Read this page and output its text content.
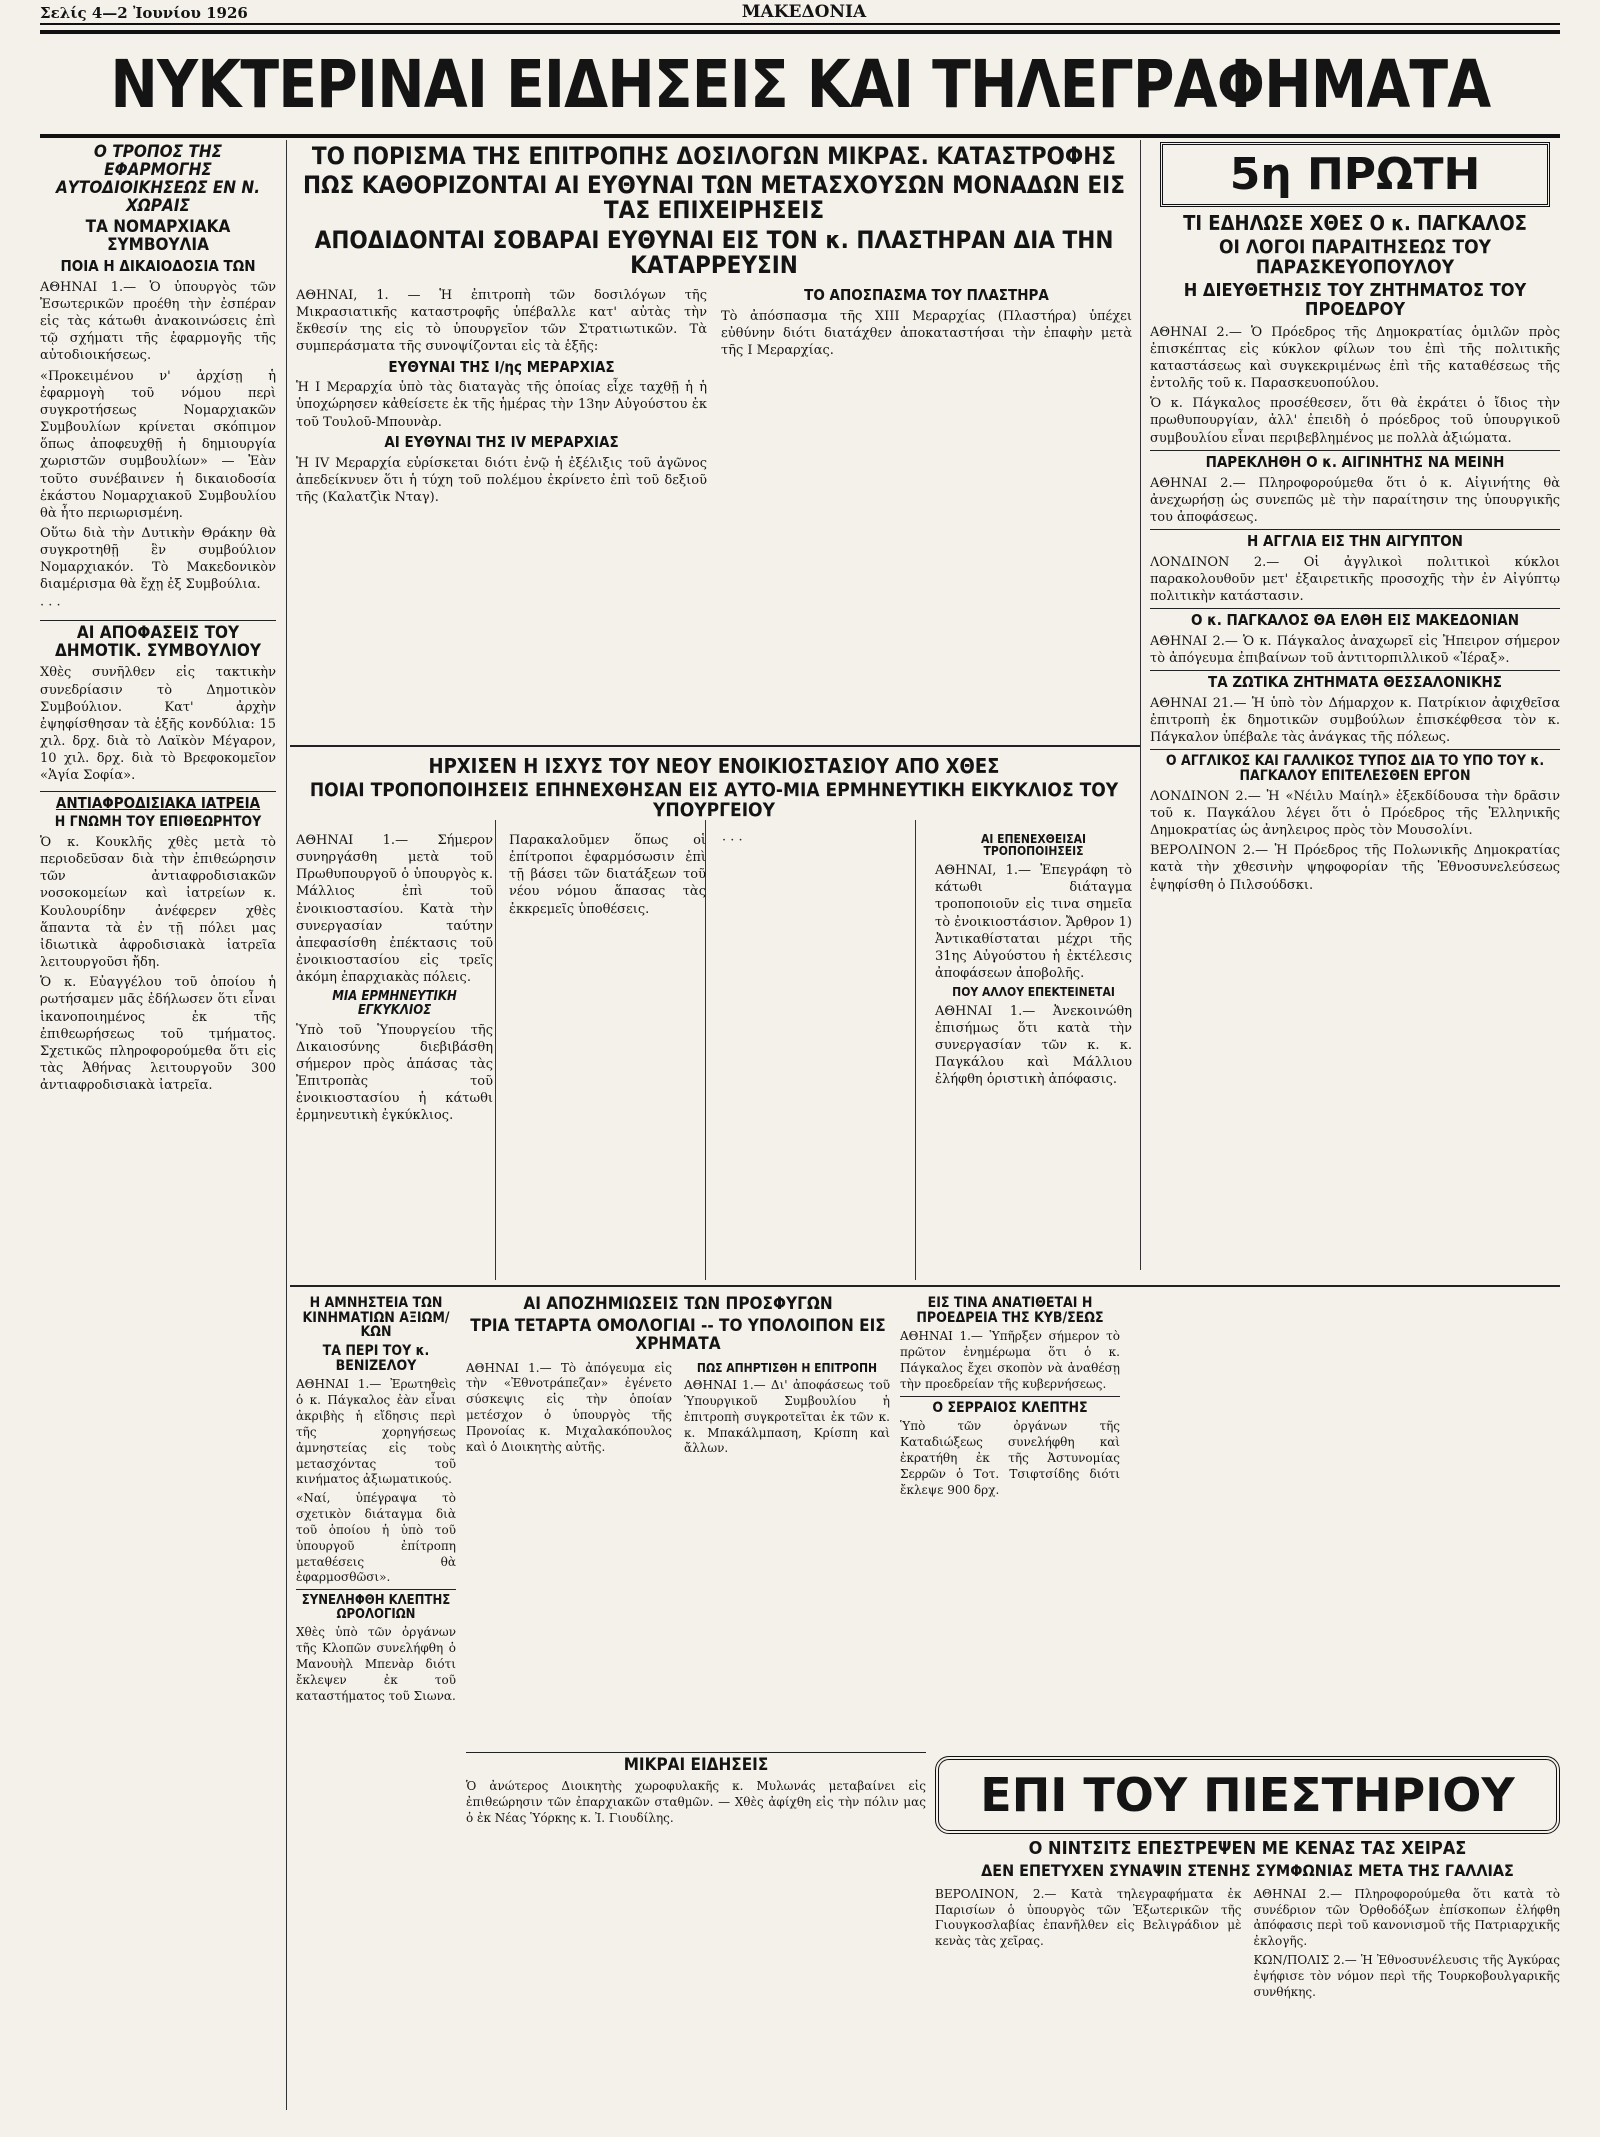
Σελίς 4—2 Ἰουνίου 1926	ΜΑΚΕΔΟΝΙΑ
ΝΥΚΤΕΡΙΝΑΙ ΕΙΔΗΣΕΙΣ ΚΑΙ ΤΗΛΕΓΡΑΦΗΜΑΤΑ
Ο ΤΡΟΠΟΣ ΤΗΣ ΕΦΑΡΜΟΓΗΣ ΑΥΤΟΔΙΟΙΚΗΣΕΩΣ ΕΝ Ν. ΧΩΡΑΙΣ
ΤΑ ΝΟΜΑΡΧΙΑΚΑ ΣΥΜΒΟΥΛΙΑ
ΠΟΙΑ Η ΔΙΚΑΙΟΔΟΣΙΑ ΤΩΝ

ΑΘΗΝΑΙ 1.— Ὁ ὑπουργὸς τῶν Ἐσωτερικῶν προέθη τὴν ἐσπέραν εἰς τὰς κάτωθι ἀνακοινώσεις ἐπὶ τῷ σχήματι τῆς ἐφαρμογῆς τῆς αὐτοδιοικήσεως.

«Προκειμένου ν' ἀρχίσῃ ἡ ἐφαρμογὴ τοῦ νόμου περὶ συγκροτήσεως Νομαρχιακῶν Συμβουλίων κρίνεται σκόπιμον ὅπως ἀποφευχθῇ ἡ δημιουργία χωριστῶν συμβουλίων» — Ἐὰν τοῦτο συνέβαινεν ἡ δικαιοδοσία ἑκάστου Νομαρχιακοῦ Συμβουλίου θὰ ἦτο περιωρισμένη.

Οὕτω διὰ τὴν Δυτικὴν Θράκην θὰ συγκροτηθῇ ἓν συμβούλιον Νομαρχιακόν. Τὸ Μακεδονικὸν διαμέρισμα θὰ ἔχῃ ἐξ Συμβούλια.

· · ·

ΑΙ ΑΠΟΦΑΣΕΙΣ ΤΟΥ ΔΗΜΟΤΙΚ. ΣΥΜΒΟΥΛΙΟΥ

Χθὲς συνῆλθεν εἰς τακτικὴν συνεδρίασιν τὸ Δημοτικὸν Συμβούλιον. Κατ' ἀρχὴν ἐψηφίσθησαν τὰ ἑξῆς κονδύλια: 15 χιλ. δρχ. διὰ τὸ Λαϊκὸν Μέγαρον, 10 χιλ. δρχ. διὰ τὸ Βρεφοκομεῖον «Ἁγία Σοφία».

ΑΝΤΙΑΦΡΟΔΙΣΙΑΚΑ ΙΑΤΡΕΙΑ
Η ΓΝΩΜΗ ΤΟΥ ΕΠΙΘΕΩΡΗΤΟΥ

Ὁ κ. Κουκλῆς χθὲς μετὰ τὸ περιοδεῦσαν διὰ τὴν ἐπιθεώρησιν τῶν ἀντιαφροδισιακῶν νοσοκομείων καὶ ἰατρείων κ. Κουλουρίδην ἀνέφερεν χθὲς ἅπαντα τὰ ἐν τῇ πόλει μας ἰδιωτικὰ ἀφροδισιακὰ ἰατρεῖα λειτουργοῦσι ἤδη.

Ὁ κ. Εὐαγγέλου τοῦ ὁποίου ἡ ρωτήσαμεν μᾶς ἐδήλωσεν ὅτι εἶναι ἱκανοποιημένος ἐκ τῆς ἐπιθεωρήσεως τοῦ τμήματος. Σχετικῶς πληροφορούμεθα ὅτι εἰς τὰς Ἀθήνας λειτουργοῦν 300 ἀντιαφροδισιακὰ ἰατρεῖα.

ΤΟ ΠΟΡΙΣΜΑ ΤΗΣ ΕΠΙΤΡΟΠΗΣ ΔΟΣΙΛΟΓΩΝ ΜΙΚΡΑΣ. ΚΑΤΑΣΤΡΟΦΗΣ
ΠΩΣ ΚΑΘΟΡΙΖΟΝΤΑΙ ΑΙ ΕΥΘΥΝΑΙ ΤΩΝ ΜΕΤΑΣΧΟΥΣΩΝ ΜΟΝΑΔΩΝ ΕΙΣ ΤΑΣ ΕΠΙΧΕΙΡΗΣΕΙΣ
ΑΠΟΔΙΔΟΝΤΑΙ ΣΟΒΑΡΑΙ ΕΥΘΥΝΑΙ ΕΙΣ ΤΟΝ κ. ΠΛΑΣΤΗΡΑΝ ΔΙΑ ΤΗΝ ΚΑΤΑΡΡΕΥΣΙΝ

ΑΘΗΝΑΙ, 1. — Ἡ ἐπιτροπὴ τῶν δοσιλόγων τῆς Μικρασιατικῆς καταστροφῆς ὑπέβαλλε κατ' αὐτὰς τὴν ἔκθεσίν της εἰς τὸ ὑπουργεῖον τῶν Στρατιωτικῶν. Τὰ συμπεράσματα τῆς συνοψίζονται εἰς τὰ ἑξῆς:

ΕΥΘΥΝΑΙ ΤΗΣ Ι/ης ΜΕΡΑΡΧΙΑΣ

Ἡ Ι Μεραρχία ὑπὸ τὰς διαταγὰς τῆς ὁποίας εἶχε ταχθῇ ἡ ἡ ὑποχώρησεν κἀθείσετε ἐκ τῆς ἡμέρας τὴν 13ην Αὐγούστου ἐκ τοῦ Τουλοῦ-Μπουνὰρ.

ΑΙ ΕΥΘΥΝΑΙ ΤΗΣ ΙV ΜΕΡΑΡΧΙΑΣ

Ἡ ΙV Μεραρχία εὑρίσκεται διότι ἐνῷ ἡ ἐξέλιξις τοῦ ἀγῶνος ἀπεδείκνυεν ὅτι ἡ τύχη τοῦ πολέμου ἐκρίνετο ἐπὶ τοῦ δεξιοῦ τῆς (Καλατζὶκ Νταγ).

ΤΟ ΑΠΟΣΠΑΣΜΑ ΤΟΥ ΠΛΑΣΤΗΡΑ

Τὸ ἀπόσπασμα τῆς ΧΙΙΙ Μεραρχίας (Πλαστήρα) ὑπέχει εὐθύνην διότι διατάχθεν ἀποκαταστήσαι τὴν ἐπαφὴν μετὰ τῆς Ι Μεραρχίας.

5η ΠΡΩΤΗ
ΤΙ ΕΔΗΛΩΣΕ ΧΘΕΣ Ο κ. ΠΑΓΚΑΛΟΣ
ΟΙ ΛΟΓΟΙ ΠΑΡΑΙΤΗΣΕΩΣ ΤΟΥ ΠΑΡΑΣΚΕΥΟΠΟΥΛΟΥ
Η ΔΙΕΥΘΕΤΗΣΙΣ ΤΟΥ ΖΗΤΗΜΑΤΟΣ ΤΟΥ ΠΡΟΕΔΡΟΥ

ΑΘΗΝΑΙ 2.— Ὁ Πρόεδρος τῆς Δημοκρατίας ὁμιλῶν πρὸς ἐπισκέπτας εἰς κύκλον φίλων του ἐπὶ τῆς πολιτικῆς καταστάσεως καὶ συγκεκριμένως ἐπὶ τῆς καταθέσεως τῆς ἐντολῆς τοῦ κ. Παρασκευοπούλου.

Ὁ κ. Πάγκαλος προσέθεσεν, ὅτι θὰ ἐκράτει ὁ ἴδιος τὴν πρωθυπουργίαν, ἀλλ' ἐπειδὴ ὁ πρόεδρος τοῦ ὑπουργικοῦ συμβουλίου εἶναι περιβεβλημένος με πολλὰ ἀξιώματα.

ΠΑΡΕΚΛΗΘΗ Ο κ. ΑΙΓΙΝΗΤΗΣ ΝΑ ΜΕΙΝΗ

ΑΘΗΝΑΙ 2.— Πληροφορούμεθα ὅτι ὁ κ. Αἰγινήτης θὰ ἀνεχωρήσῃ ὡς συνεπῶς μὲ τὴν παραίτησιν της ὑπουργικῆς του ἀποφάσεως.

Η ΑΓΓΛΙΑ ΕΙΣ ΤΗΝ ΑΙΓΥΠΤΟΝ

ΛΟΝΔΙΝΟΝ 2.— Οἱ ἀγγλικοὶ πολιτικοὶ κύκλοι παρακολουθοῦν μετ' ἐξαιρετικῆς προσοχῆς τὴν ἐν Αἰγύπτῳ πολιτικὴν κατάστασιν.

Ο κ. ΠΑΓΚΑΛΟΣ ΘΑ ΕΛΘΗ ΕΙΣ ΜΑΚΕΔΟΝΙΑΝ

ΑΘΗΝΑΙ 2.— Ὁ κ. Πάγκαλος ἀναχωρεῖ εἰς Ἠπειρον σήμερον τὸ ἀπόγευμα ἐπιβαίνων τοῦ ἀντιτορπιλλικοῦ «Ἱέραξ».

ΤΑ ΖΩΤΙΚΑ ΖΗΤΗΜΑΤΑ ΘΕΣΣΑΛΟΝΙΚΗΣ

ΑΘΗΝΑΙ 21.— Ἡ ὑπὸ τὸν Δήμαρχον κ. Πατρίκιον ἀφιχθεῖσα ἐπιτροπὴ ἐκ δημοτικῶν συμβούλων ἐπισκέφθεσα τὸν κ. Πάγκαλον ὑπέβαλε τὰς ἀνάγκας τῆς πόλεως.

Ο ΑΓΓΛΙΚΟΣ ΚΑΙ ΓΑΛΛΙΚΟΣ ΤΥΠΟΣ ΔΙΑ ΤΟ ΥΠΟ ΤΟΥ κ. ΠΑΓΚΑΛΟΥ ΕΠΙΤΕΛΕΣΘΕΝ ΕΡΓΟΝ

ΛΟΝΔΙΝΟΝ 2.— Ἡ «Νέιλυ Μαίηλ» ἐξεκδίδουσα τὴν δρᾶσιν τοῦ κ. Παγκάλου λέγει ὅτι ὁ Πρόεδρος τῆς Ἑλληνικῆς Δημοκρατίας ὡς ἀνηλειρος πρὸς τὸν Μουσολίνι.

ΒΕΡΟΛΙΝΟΝ 2.— Ἡ Πρόεδρος τῆς Πολωνικῆς Δημοκρατίας κατὰ τὴν χθεσινὴν ψηφοφορίαν τῆς Ἐθνοσυνελεύσεως ἐψηφίσθη ὁ Πιλσούδσκι.

ΗΡΧΙΣΕΝ Η ΙΣΧΥΣ ΤΟΥ ΝΕΟΥ ΕΝΟΙΚΙΟΣΤΑΣΙΟΥ ΑΠΟ ΧΘΕΣ
ΠΟΙΑΙ ΤΡΟΠΟΠΟΙΗΣΕΙΣ ΕΠΗΝΕΧΘΗΣΑΝ ΕΙΣ ΑΥΤΟ-ΜΙΑ ΕΡΜΗΝΕΥΤΙΚΗ ΕΙΚΥΚΛΙΟΣ ΤΟΥ ΥΠΟΥΡΓΕΙΟΥ

ΑΘΗΝΑΙ 1.— Σήμερον συνηργάσθη μετὰ τοῦ Πρωθυπουργοῦ ὁ ὑπουργὸς κ. Μάλλιος ἐπὶ τοῦ ἐνοικιοστασίου. Κατὰ τὴν συνεργασίαν ταύτην ἀπεφασίσθη ἐπέκτασις τοῦ ἐνοικιοστασίου εἰς τρεῖς ἀκόμη ἐπαρχιακὰς πόλεις.

ΜΙΑ ΕΡΜΗΝΕΥΤΙΚΗ ΕΓΚΥΚΛΙΟΣ

Ὑπὸ τοῦ Ὑπουργείου τῆς Δικαιοσύνης διεβιβάσθη σήμερον πρὸς ἁπάσας τὰς Ἐπιτροπὰς τοῦ ἐνοικιοστασίου ἡ κάτωθι ἐρμηνευτικὴ ἐγκύκλιος.

Παρακαλοῦμεν ὅπως οἱ ἐπίτροποι ἐφαρμόσωσιν ἐπὶ τῇ βάσει τῶν διατάξεων τοῦ νέου νόμου ἅπασας τὰς ἐκκρεμεῖς ὑποθέσεις.

· · ·	ΑΙ ΕΠΕΝΕΧΘΕΙΣΑΙ ΤΡΟΠΟΠΟΙΗΣΕΙΣ

ΑΘΗΝΑΙ, 1.— Ἐπεγράφη τὸ κάτωθι διάταγμα τροποποιοῦν εἰς τινα σημεῖα τὸ ἐνοικιοστάσιον. Ἄρθρον 1) Ἀντικαθίσταται μέχρι τῆς 31ης Αὐγούστου ἡ ἐκτέλεσις ἀποφάσεων ἀποβολῆς.

ΠΟΥ ΑΛΛΟΥ ΕΠΕΚΤΕΙΝΕΤΑΙ

ΑΘΗΝΑΙ 1.— Ἀνεκοινώθη ἐπισήμως ὅτι κατὰ τὴν συνεργασίαν τῶν κ. κ. Παγκάλου καὶ Μάλλιου ἐλήφθη ὁριστικὴ ἀπόφασις.

Η ΑΜΝΗΣΤΕΙΑ ΤΩΝ ΚΙΝΗΜΑΤΙΩΝ ΑΞΙΩΜ/ΚΩΝ
ΤΑ ΠΕΡΙ ΤΟΥ κ. ΒΕΝΙΖΕΛΟΥ

ΑΘΗΝΑΙ 1.— Ἐρωτηθεὶς ὁ κ. Πάγκαλος ἐὰν εἶναι ἀκριβὴς ἡ εἴδησις περὶ τῆς χορηγήσεως ἀμνηστείας εἰς τοὺς μετασχόντας τοῦ κινήματος ἀξιωματικούς.

«Ναί, ὑπέγραψα τὸ σχετικὸν διάταγμα διὰ τοῦ ὁποίου ἡ ὑπὸ τοῦ ὑπουργοῦ ἐπίτροπη μεταθέσεις θὰ ἐφαρμοσθῶσι».

ΣΥΝΕΛΗΦΘΗ ΚΛΕΠΤΗΣ ΩΡΟΛΟΓΙΩΝ

Χθὲς ὑπὸ τῶν ὀργάνων τῆς Κλοπῶν συνελήφθη ὁ Μανουὴλ Μπενὰρ διότι ἔκλεψεν ἐκ τοῦ καταστήματος τοῦ Σιωνα.

ΑΙ ΑΠΟΖΗΜΙΩΣΕΙΣ ΤΩΝ ΠΡΟΣΦΥΓΩΝ
ΤΡΙΑ ΤΕΤΑΡΤΑ ΟΜΟΛΟΓΙΑΙ -- ΤΟ ΥΠΟΛΟΙΠΟΝ ΕΙΣ ΧΡΗΜΑΤΑ

ΑΘΗΝΑΙ 1.— Τὸ ἀπόγευμα εἰς τὴν «Ἐθνοτράπεζαν» ἐγένετο σύσκεψις εἰς τὴν ὁποίαν μετέσχον ὁ ὑπουργὸς τῆς Προνοίας κ. Μιχαλακόπουλος καὶ ὁ Διοικητὴς αὐτῆς.

ΠΩΣ ΑΠΗΡΤΙΣΘΗ Η ΕΠΙΤΡΟΠΗ

ΑΘΗΝΑΙ 1.— Δι' ἀποφάσεως τοῦ Ὑπουργικοῦ Συμβουλίου ἡ ἐπιτροπὴ συγκροτεῖται ἐκ τῶν κ. κ. Μπακάλμπαση, Κρίσπη καὶ ἄλλων.

ΕΙΣ ΤΙΝΑ ΑΝΑΤΙΘΕΤΑΙ Η ΠΡΟΕΔΡΕΙΑ ΤΗΣ ΚΥΒ/ΣΕΩΣ

ΑΘΗΝΑΙ 1.— Ὑπῆρξεν σήμερον τὸ πρῶτον ἐνημέρωμα ὅτι ὁ κ. Πάγκαλος ἔχει σκοπὸν νὰ ἀναθέσῃ τὴν προεδρείαν τῆς κυβερνήσεως.

Ο ΣΕΡΡΑΙΟΣ ΚΛΕΠΤΗΣ

Ὑπὸ τῶν ὀργάνων τῆς Καταδιώξεως συνελήφθη καὶ ἐκρατήθη ἐκ τῆς Ἀστυνομίας Σερρῶν ὁ Τοτ. Τσιφτσίδης διότι ἔκλεψε 900 δρχ.

ΜΙΚΡΑΙ ΕΙΔΗΣΕΙΣ

Ὁ ἀνώτερος Διοικητὴς χωροφυλακῆς κ. Μυλωνάς μεταβαίνει εἰς ἐπιθεώρησιν τῶν ἐπαρχιακῶν σταθμῶν. — Χθὲς ἀφίχθη εἰς τὴν πόλιν μας ὁ ἐκ Νέας Ὑόρκης κ. Ἰ. Γιουδίλης.	ΕΠΙ ΤΟΥ ΠΙΕΣΤΗΡΙΟΥ
Ο ΝΙΝΤΣΙΤΣ ΕΠΕΣΤΡΕΨΕΝ ΜΕ ΚΕΝΑΣ ΤΑΣ ΧΕΙΡΑΣ
ΔΕΝ ΕΠΕΤΥΧΕΝ ΣΥΝΑΨΙΝ ΣΤΕΝΗΣ ΣΥΜΦΩΝΙΑΣ ΜΕΤΑ ΤΗΣ ΓΑΛΛΙΑΣ

ΒΕΡΟΛΙΝΟΝ, 2.— Κατὰ τηλεγραφήματα ἐκ Παρισίων ὁ ὑπουργὸς τῶν Ἐξωτερικῶν τῆς Γιουγκοσλαβίας ἐπανῆλθεν εἰς Βελιγράδιον μὲ κενὰς τὰς χεῖρας.

ΑΘΗΝΑΙ 2.— Πληροφορούμεθα ὅτι κατὰ τὸ συνέδριον τῶν Ὀρθοδόξων ἐπίσκοπων ἐλήφθη ἀπόφασις περὶ τοῦ κανονισμοῦ τῆς Πατριαρχικῆς ἐκλογῆς.

ΚΩΝ/ΠΟΛΙΣ 2.— Ἡ Ἐθνοσυνέλευσις τῆς Ἀγκύρας ἐψήφισε τὸν νόμον περὶ τῆς Τουρκοβουλγαρικῆς συνθήκης.
